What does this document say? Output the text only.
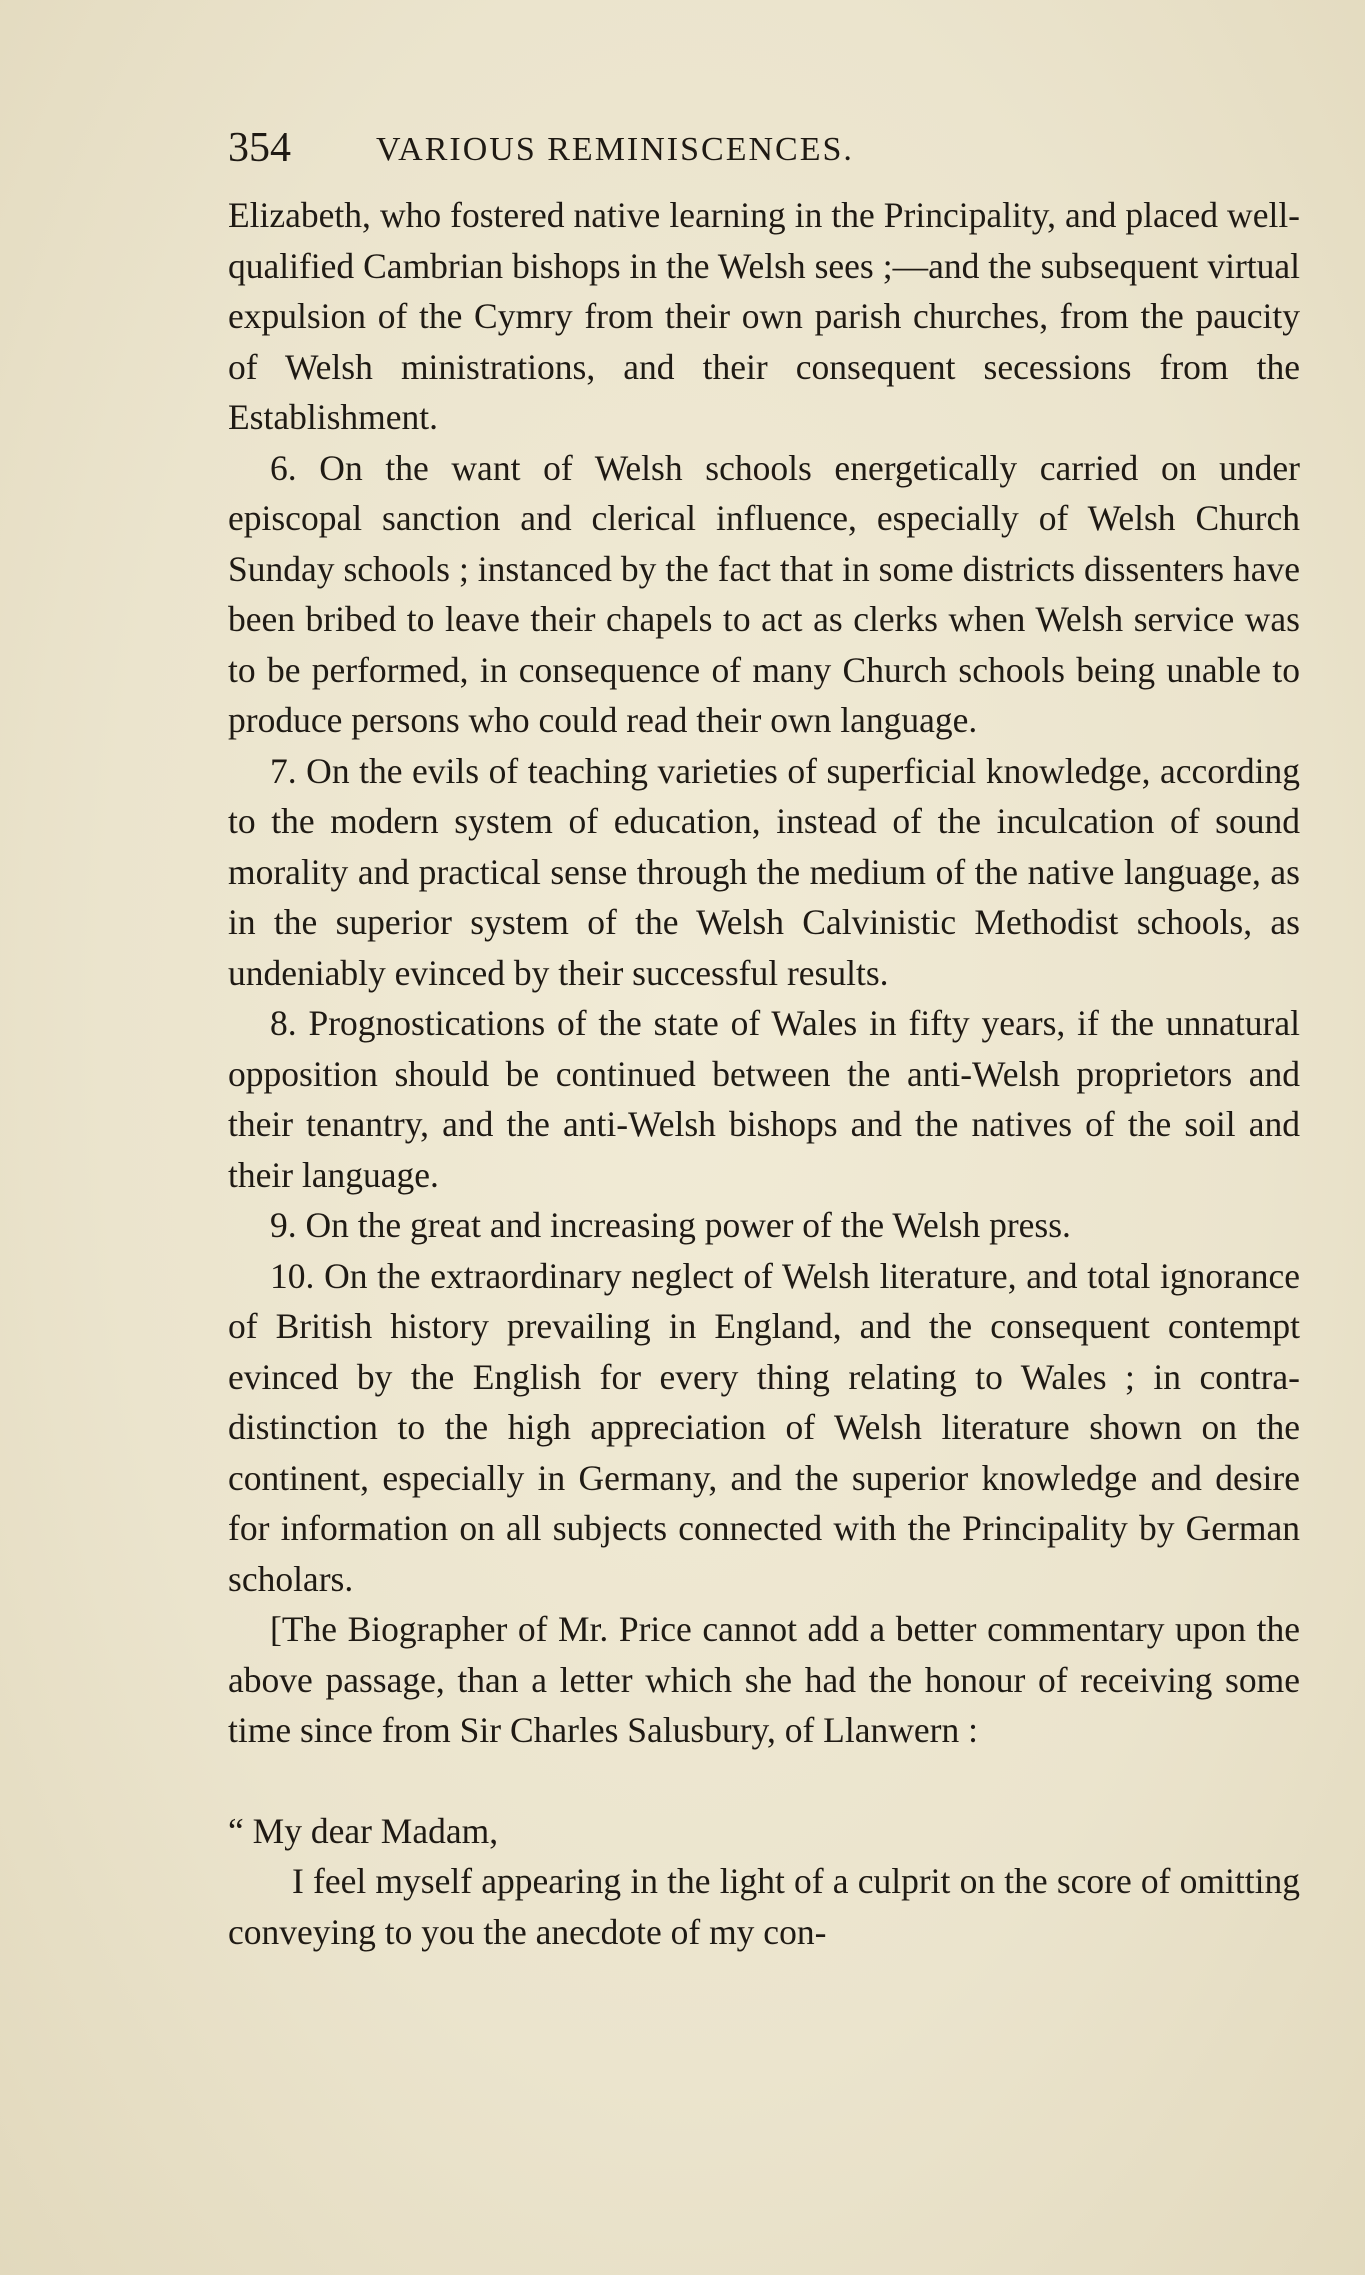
354	VARIOUS REMINISCENCES.

Elizabeth, who fostered native learning in the Principality, and placed well-qualified Cambrian bishops in the Welsh sees ;—and the subsequent virtual expulsion of the Cymry from their own parish churches, from the paucity of Welsh ministrations, and their consequent secessions from the Establishment.

6. On the want of Welsh schools energetically carried on under episcopal sanction and clerical influence, especially of Welsh Church Sunday schools ; instanced by the fact that in some districts dissenters have been bribed to leave their chapels to act as clerks when Welsh service was to be performed, in consequence of many Church schools being unable to produce persons who could read their own language.

7. On the evils of teaching varieties of superficial knowledge, according to the modern system of education, instead of the inculcation of sound morality and practical sense through the medium of the native language, as in the superior system of the Welsh Calvinistic Methodist schools, as undeniably evinced by their successful results.

8. Prognostications of the state of Wales in fifty years, if the unnatural opposition should be continued between the anti-Welsh proprietors and their tenantry, and the anti-Welsh bishops and the natives of the soil and their language.

9. On the great and increasing power of the Welsh press.

10. On the extraordinary neglect of Welsh literature, and total ignorance of British history prevailing in England, and the consequent contempt evinced by the English for every thing relating to Wales ; in contra-distinction to the high appreciation of Welsh literature shown on the continent, especially in Germany, and the superior knowledge and desire for information on all subjects connected with the Principality by German scholars.

[The Biographer of Mr. Price cannot add a better commentary upon the above passage, than a letter which she had the honour of receiving some time since from Sir Charles Salusbury, of Llanwern :

“ My dear Madam,

I feel myself appearing in the light of a culprit on the score of omitting conveying to you the anecdote of my con-
